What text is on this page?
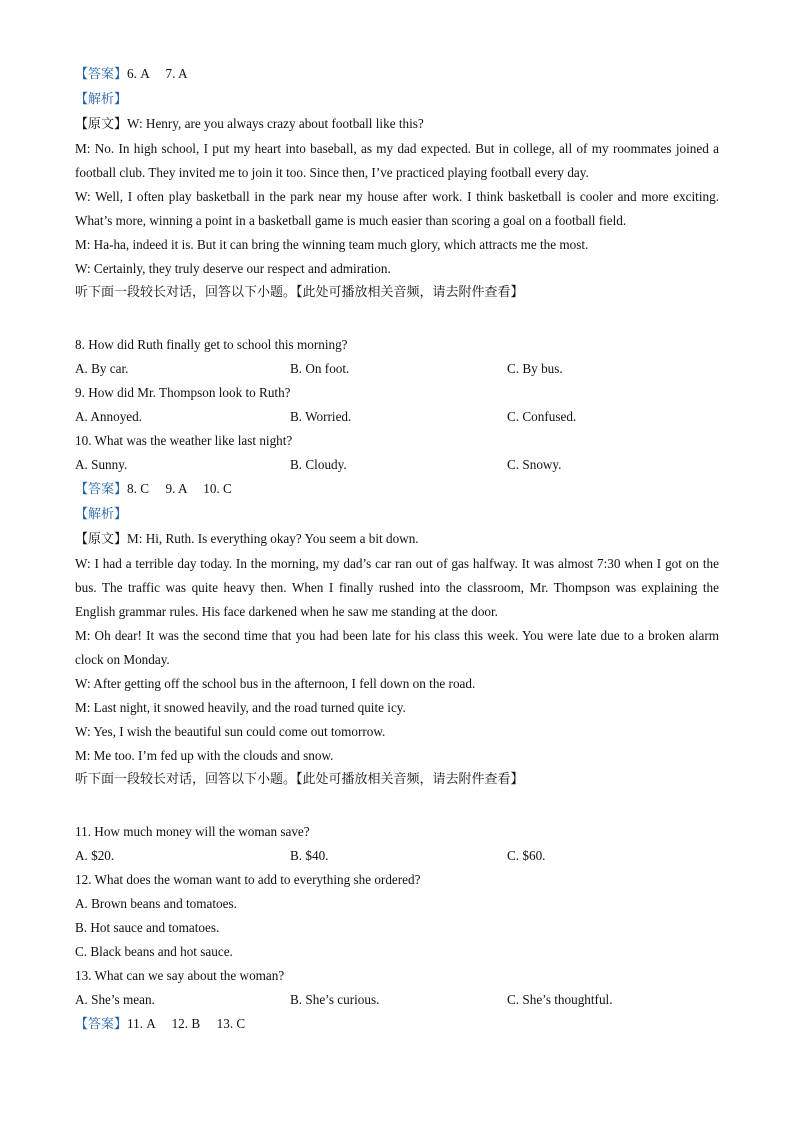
【答案】6. A　 7. A
【解析】
【原文】W: Henry, are you always crazy about football like this?
M: No. In high school, I put my heart into baseball, as my dad expected. But in college, all of my roommates joined a football club. They invited me to join it too. Since then, I’ve practiced playing football every day.
W: Well, I often play basketball in the park near my house after work. I think basketball is cooler and more exciting. What’s more, winning a point in a basketball game is much easier than scoring a goal on a football field.
M: Ha-ha, indeed it is. But it can bring the winning team much glory, which attracts me the most.
W: Certainly, they truly deserve our respect and admiration.
听下面一段较长对话，回答以下小题。【此处可播放相关音频，请去附件查看】
8. How did Ruth finally get to school this morning?
A. By car.	B. On foot.	C. By bus.
9. How did Mr. Thompson look to Ruth?
A. Annoyed.	B. Worried.	C. Confused.
10. What was the weather like last night?
A. Sunny.	B. Cloudy.	C. Snowy.
【答案】8. C　 9. A　 10. C
【解析】
【原文】M: Hi, Ruth. Is everything okay? You seem a bit down.
W: I had a terrible day today. In the morning, my dad’s car ran out of gas halfway. It was almost 7:30 when I got on the bus. The traffic was quite heavy then. When I finally rushed into the classroom, Mr. Thompson was explaining the English grammar rules. His face darkened when he saw me standing at the door.
M: Oh dear! It was the second time that you had been late for his class this week. You were late due to a broken alarm clock on Monday.
W: After getting off the school bus in the afternoon, I fell down on the road.
M: Last night, it snowed heavily, and the road turned quite icy.
W: Yes, I wish the beautiful sun could come out tomorrow.
M: Me too. I’m fed up with the clouds and snow.
听下面一段较长对话，回答以下小题。【此处可播放相关音频，请去附件查看】
11. How much money will the woman save?
A. $20.	B. $40.	C. $60.
12. What does the woman want to add to everything she ordered?
A. Brown beans and tomatoes.
B. Hot sauce and tomatoes.
C. Black beans and hot sauce.
13. What can we say about the woman?
A. She’s mean.	B. She’s curious.	C. She’s thoughtful.
【答案】11. A　 12. B　 13. C
